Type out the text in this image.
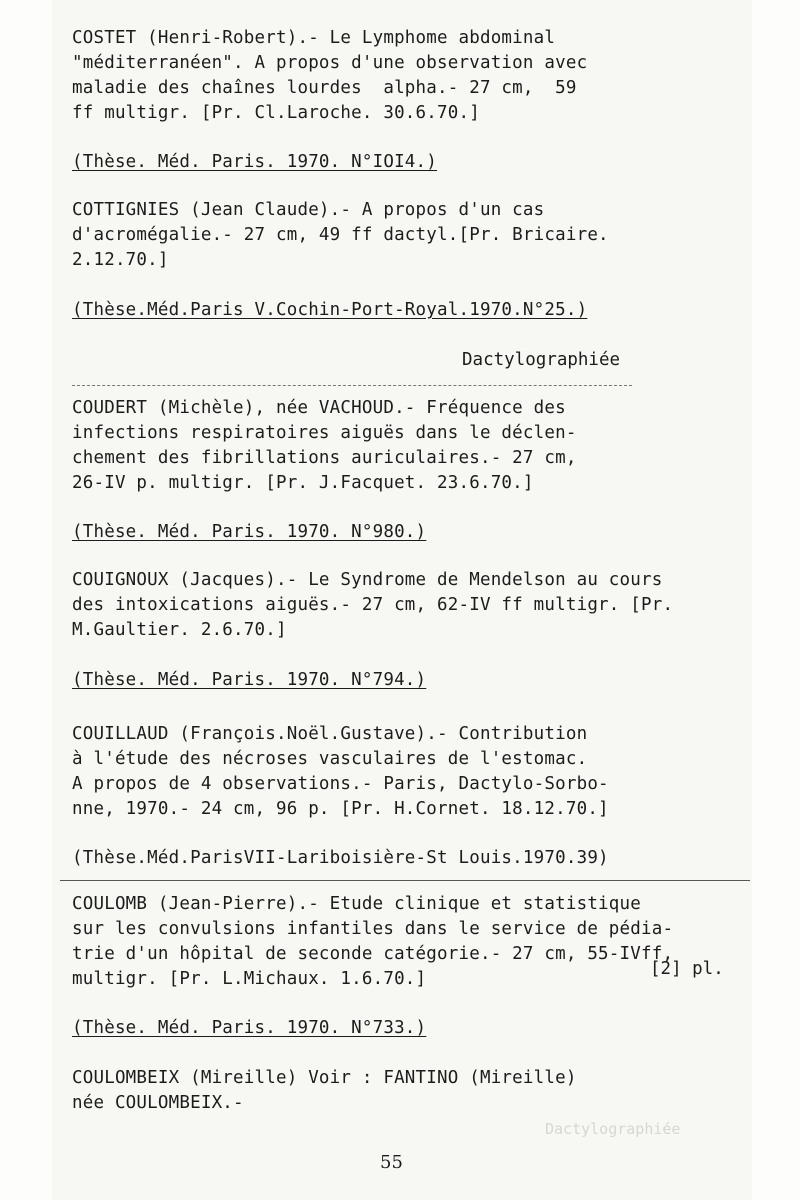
Dactylographiée
COSTET (Henri-Robert).- Le Lymphome abdominal
"méditerranéen". A propos d'une observation avec
maladie des chaînes lourdes  alpha.- 27 cm,  59
ff multigr. [Pr. Cl.Laroche. 30.6.70.]
(Thèse. Méd. Paris. 1970. N°IOI4.)
COTTIGNIES (Jean Claude).- A propos d'un cas
d'acromégalie.- 27 cm, 49 ff dactyl.[Pr. Bricaire.
2.12.70.]
(Thèse.Méd.Paris V.Cochin-Port-Royal.1970.N°25.)
Dactylographiée
COUDERT (Michèle), née VACHOUD.- Fréquence des
infections respiratoires aiguës dans le déclen-
chement des fibrillations auriculaires.- 27 cm,
26-IV p. multigr. [Pr. J.Facquet. 23.6.70.]
(Thèse. Méd. Paris. 1970. N°980.)
COUIGNOUX (Jacques).- Le Syndrome de Mendelson au cours
des intoxications aiguës.- 27 cm, 62-IV ff multigr. [Pr.
M.Gaultier. 2.6.70.]
(Thèse. Méd. Paris. 1970. N°794.)
COUILLAUD (François.Noël.Gustave).- Contribution
à l'étude des nécroses vasculaires de l'estomac.
A propos de 4 observations.- Paris, Dactylo-Sorbo-
nne, 1970.- 24 cm, 96 p. [Pr. H.Cornet. 18.12.70.]
(Thèse.Méd.ParisVII-Lariboisière-St Louis.1970.39)
COULOMB (Jean-Pierre).- Etude clinique et statistique
sur les convulsions infantiles dans le service de pédia-
trie d'un hôpital de seconde catégorie.- 27 cm, 55-IVff,
multigr. [Pr. L.Michaux. 1.6.70.]	[2] pl.
(Thèse. Méd. Paris. 1970. N°733.)
COULOMBEIX (Mireille) Voir : FANTINO (Mireille)
née COULOMBEIX.-
55
